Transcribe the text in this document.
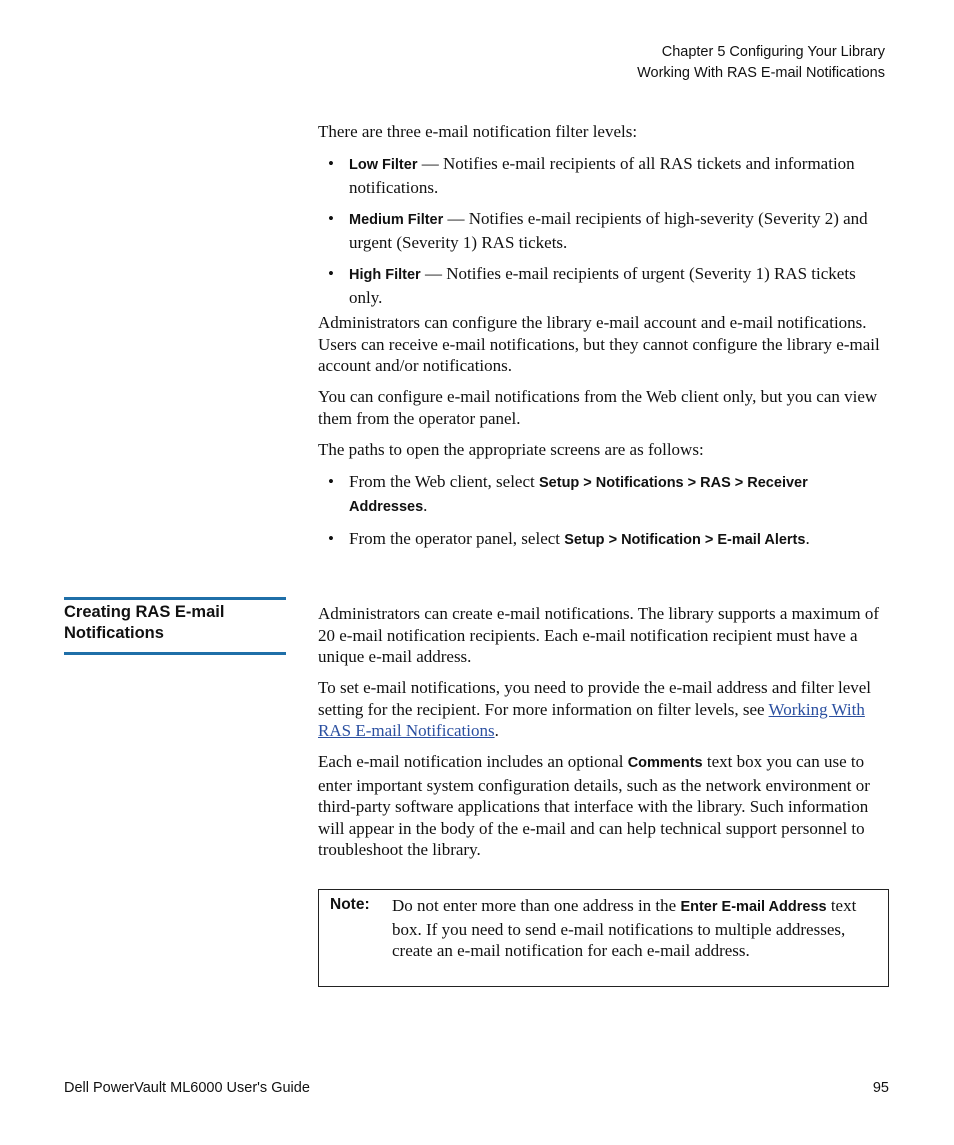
Chapter 5 Configuring Your Library
Working With RAS E-mail Notifications

There are three e-mail notification filter levels:

• Low Filter — Notifies e-mail recipients of all RAS tickets and information notifications.
• Medium Filter — Notifies e-mail recipients of high-severity (Severity 2) and urgent (Severity 1) RAS tickets.
• High Filter — Notifies e-mail recipients of urgent (Severity 1) RAS tickets only.

Administrators can configure the library e-mail account and e-mail notifications. Users can receive e-mail notifications, but they cannot configure the library e-mail account and/or notifications.

You can configure e-mail notifications from the Web client only, but you can view them from the operator panel.

The paths to open the appropriate screens are as follows:

• From the Web client, select Setup > Notifications > RAS > Receiver Addresses.
• From the operator panel, select Setup > Notification > E-mail Alerts.
Creating RAS E-mail Notifications

Administrators can create e-mail notifications. The library supports a maximum of 20 e-mail notification recipients. Each e-mail notification recipient must have a unique e-mail address.

To set e-mail notifications, you need to provide the e-mail address and filter level setting for the recipient. For more information on filter levels, see Working With RAS E-mail Notifications.

Each e-mail notification includes an optional Comments text box you can use to enter important system configuration details, such as the network environment or third-party software applications that interface with the library. Such information will appear in the body of the e-mail and can help technical support personnel to troubleshoot the library.

Note: Do not enter more than one address in the Enter E-mail Address text box. If you need to send e-mail notifications to multiple addresses, create an e-mail notification for each e-mail address.
Dell PowerVault ML6000 User's Guide	95
